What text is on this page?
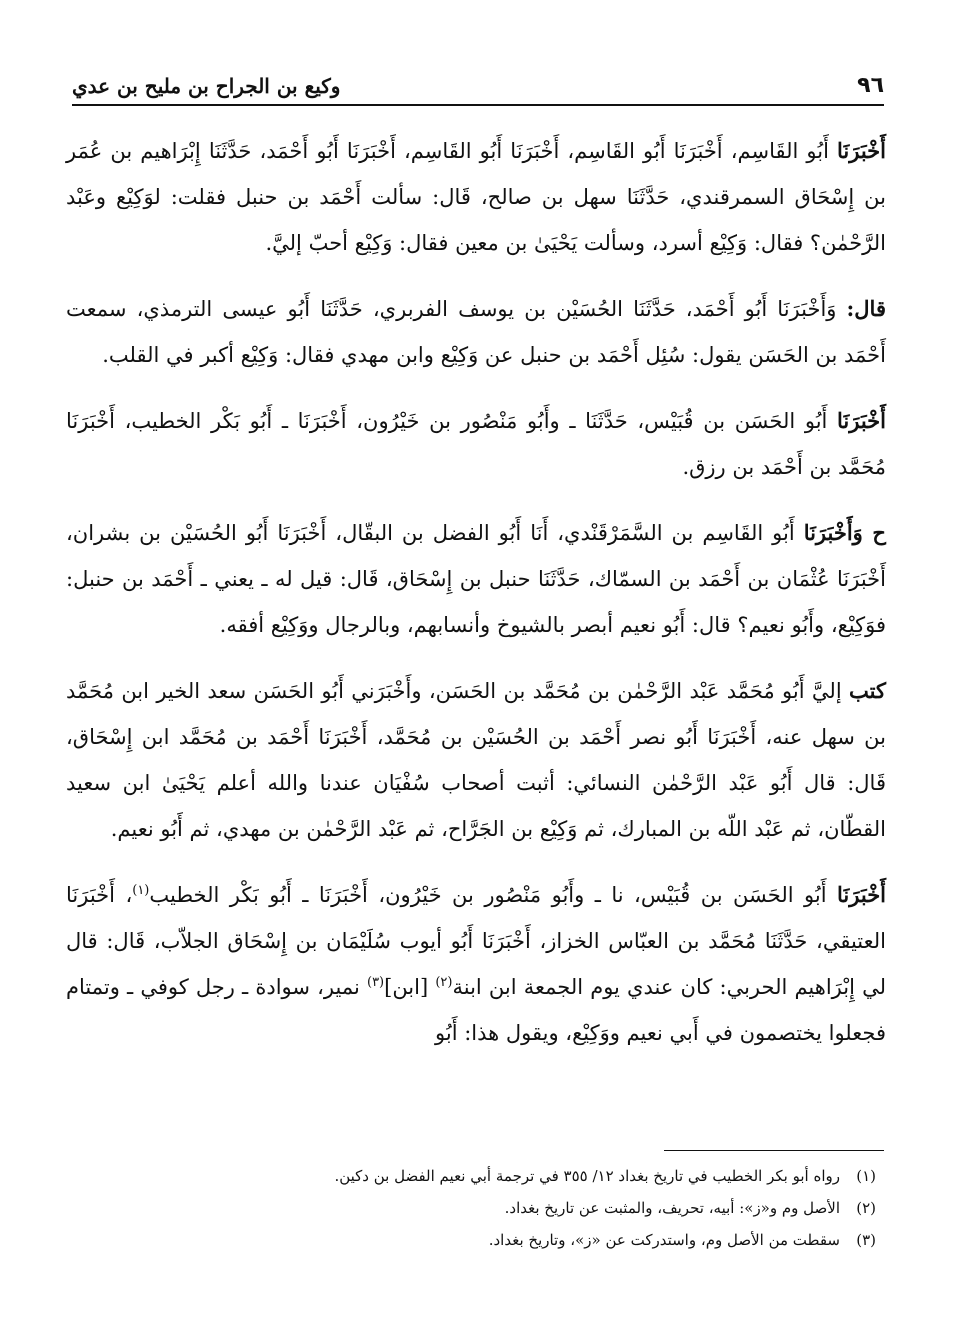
٩٦
وكيع بن الجراح بن مليح بن عدي

أَخْبَرَنَا أَبُو القَاسِم، أَخْبَرَنَا أَبُو القَاسِم، أَخْبَرَنَا أَبُو القَاسِم، أَخْبَرَنَا أَبُو أَحْمَد، حَدَّثَنَا إِبْرَاهيم بن عُمَر بن إِسْحَاق السمرقندي، حَدَّثَنَا سهل بن صالح، قَال: سألت أَحْمَد بن حنبل فقلت: لوَكِيْع وعَبْد الرَّحْمٰن؟ فقال: وَكِيْع أسرد، وسألت يَحْيَىٰ بن معين فقال: وَكِيْع أحبّ إليَّ.

قال: وَأَخْبَرَنَا أَبُو أَحْمَد، حَدَّثَنَا الحُسَيْن بن يوسف الفربري، حَدَّثَنَا أَبُو عيسى الترمذي، سمعت أَحْمَد بن الحَسَن يقول: سُئِل أَحْمَد بن حنبل عن وَكِيْع وابن مهدي فقال: وَكِيْع أكبر في القلب.

أَخْبَرَنَا أَبُو الحَسَن بن قُبَيْس، حَدَّثَنَا ـ وأَبُو مَنْصُور بن خَيْرُون، أَخْبَرَنَا ـ أَبُو بَكْر الخطيب، أَخْبَرَنَا مُحَمَّد بن أَحْمَد بن رزق.

ح وَأَخْبَرَنَا أَبُو القَاسِم بن السَّمَرْقَنْدي، أَنَا أَبُو الفضل بن البقّال، أَخْبَرَنَا أَبُو الحُسَيْن بن بشران، أَخْبَرَنَا عُثْمَان بن أَحْمَد بن السمّاك، حَدَّثَنَا حنبل بن إِسْحَاق، قَال: قيل له ـ يعني ـ أَحْمَد بن حنبل: فوَكِيْع، وأَبُو نعيم؟ قال: أَبُو نعيم أبصر بالشيوخ وأنسابهم، وبالرجال ووَكِيْع أفقه.

كتب إليَّ أَبُو مُحَمَّد عَبْد الرَّحْمٰن بن مُحَمَّد بن الحَسَن، وأَخْبَرَني أَبُو الحَسَن سعد الخير ابن مُحَمَّد بن سهل عنه، أَخْبَرَنَا أَبُو نصر أَحْمَد بن الحُسَيْن بن مُحَمَّد، أَخْبَرَنَا أَحْمَد بن مُحَمَّد ابن إِسْحَاق، قَال: قال أَبُو عَبْد الرَّحْمٰن النسائي: أثبت أصحاب سُفْيَان عندنا والله أعلم يَحْيَىٰ ابن سعيد القطّان، ثم عَبْد اللّه بن المبارك، ثم وَكِيْع بن الجَرَّاح، ثم عَبْد الرَّحْمٰن بن مهدي، ثم أَبُو نعيم.

أَخْبَرَنَا أَبُو الحَسَن بن قُبَيْس، نا ـ وأَبُو مَنْصُور بن خَيْرُون، أَخْبَرَنَا ـ أَبُو بَكْر الخطيب$^{(١)}$، أَخْبَرَنَا العتيقي، حَدَّثَنَا مُحَمَّد بن العبّاس الخزاز، أَخْبَرَنَا أَبُو أيوب سُلَيْمَان بن إِسْحَاق الجلاّب، قَال: قال لي إِبْرَاهيم الحربي: كان عندي يوم الجمعة ابن ابنة$^{(٢)}$ [ابن]$^{(٣)}$ نمير، سوادة ـ رجل كوفي ـ وتمتام فجعلوا يختصمون في أَبي نعيم ووَكِيْع، ويقول هذا: أَبُو

(١)رواه أبو بكر الخطيب في تاريخ بغداد ١٢/ ٣٥٥ في ترجمة أبي نعيم الفضل بن دكين.

(٢)الأصل وم و«ز»: أبيه، تحريف، والمثبت عن تاريخ بغداد.

(٣)سقطت من الأصل وم، واستدركت عن «ز»، وتاريخ بغداد.
